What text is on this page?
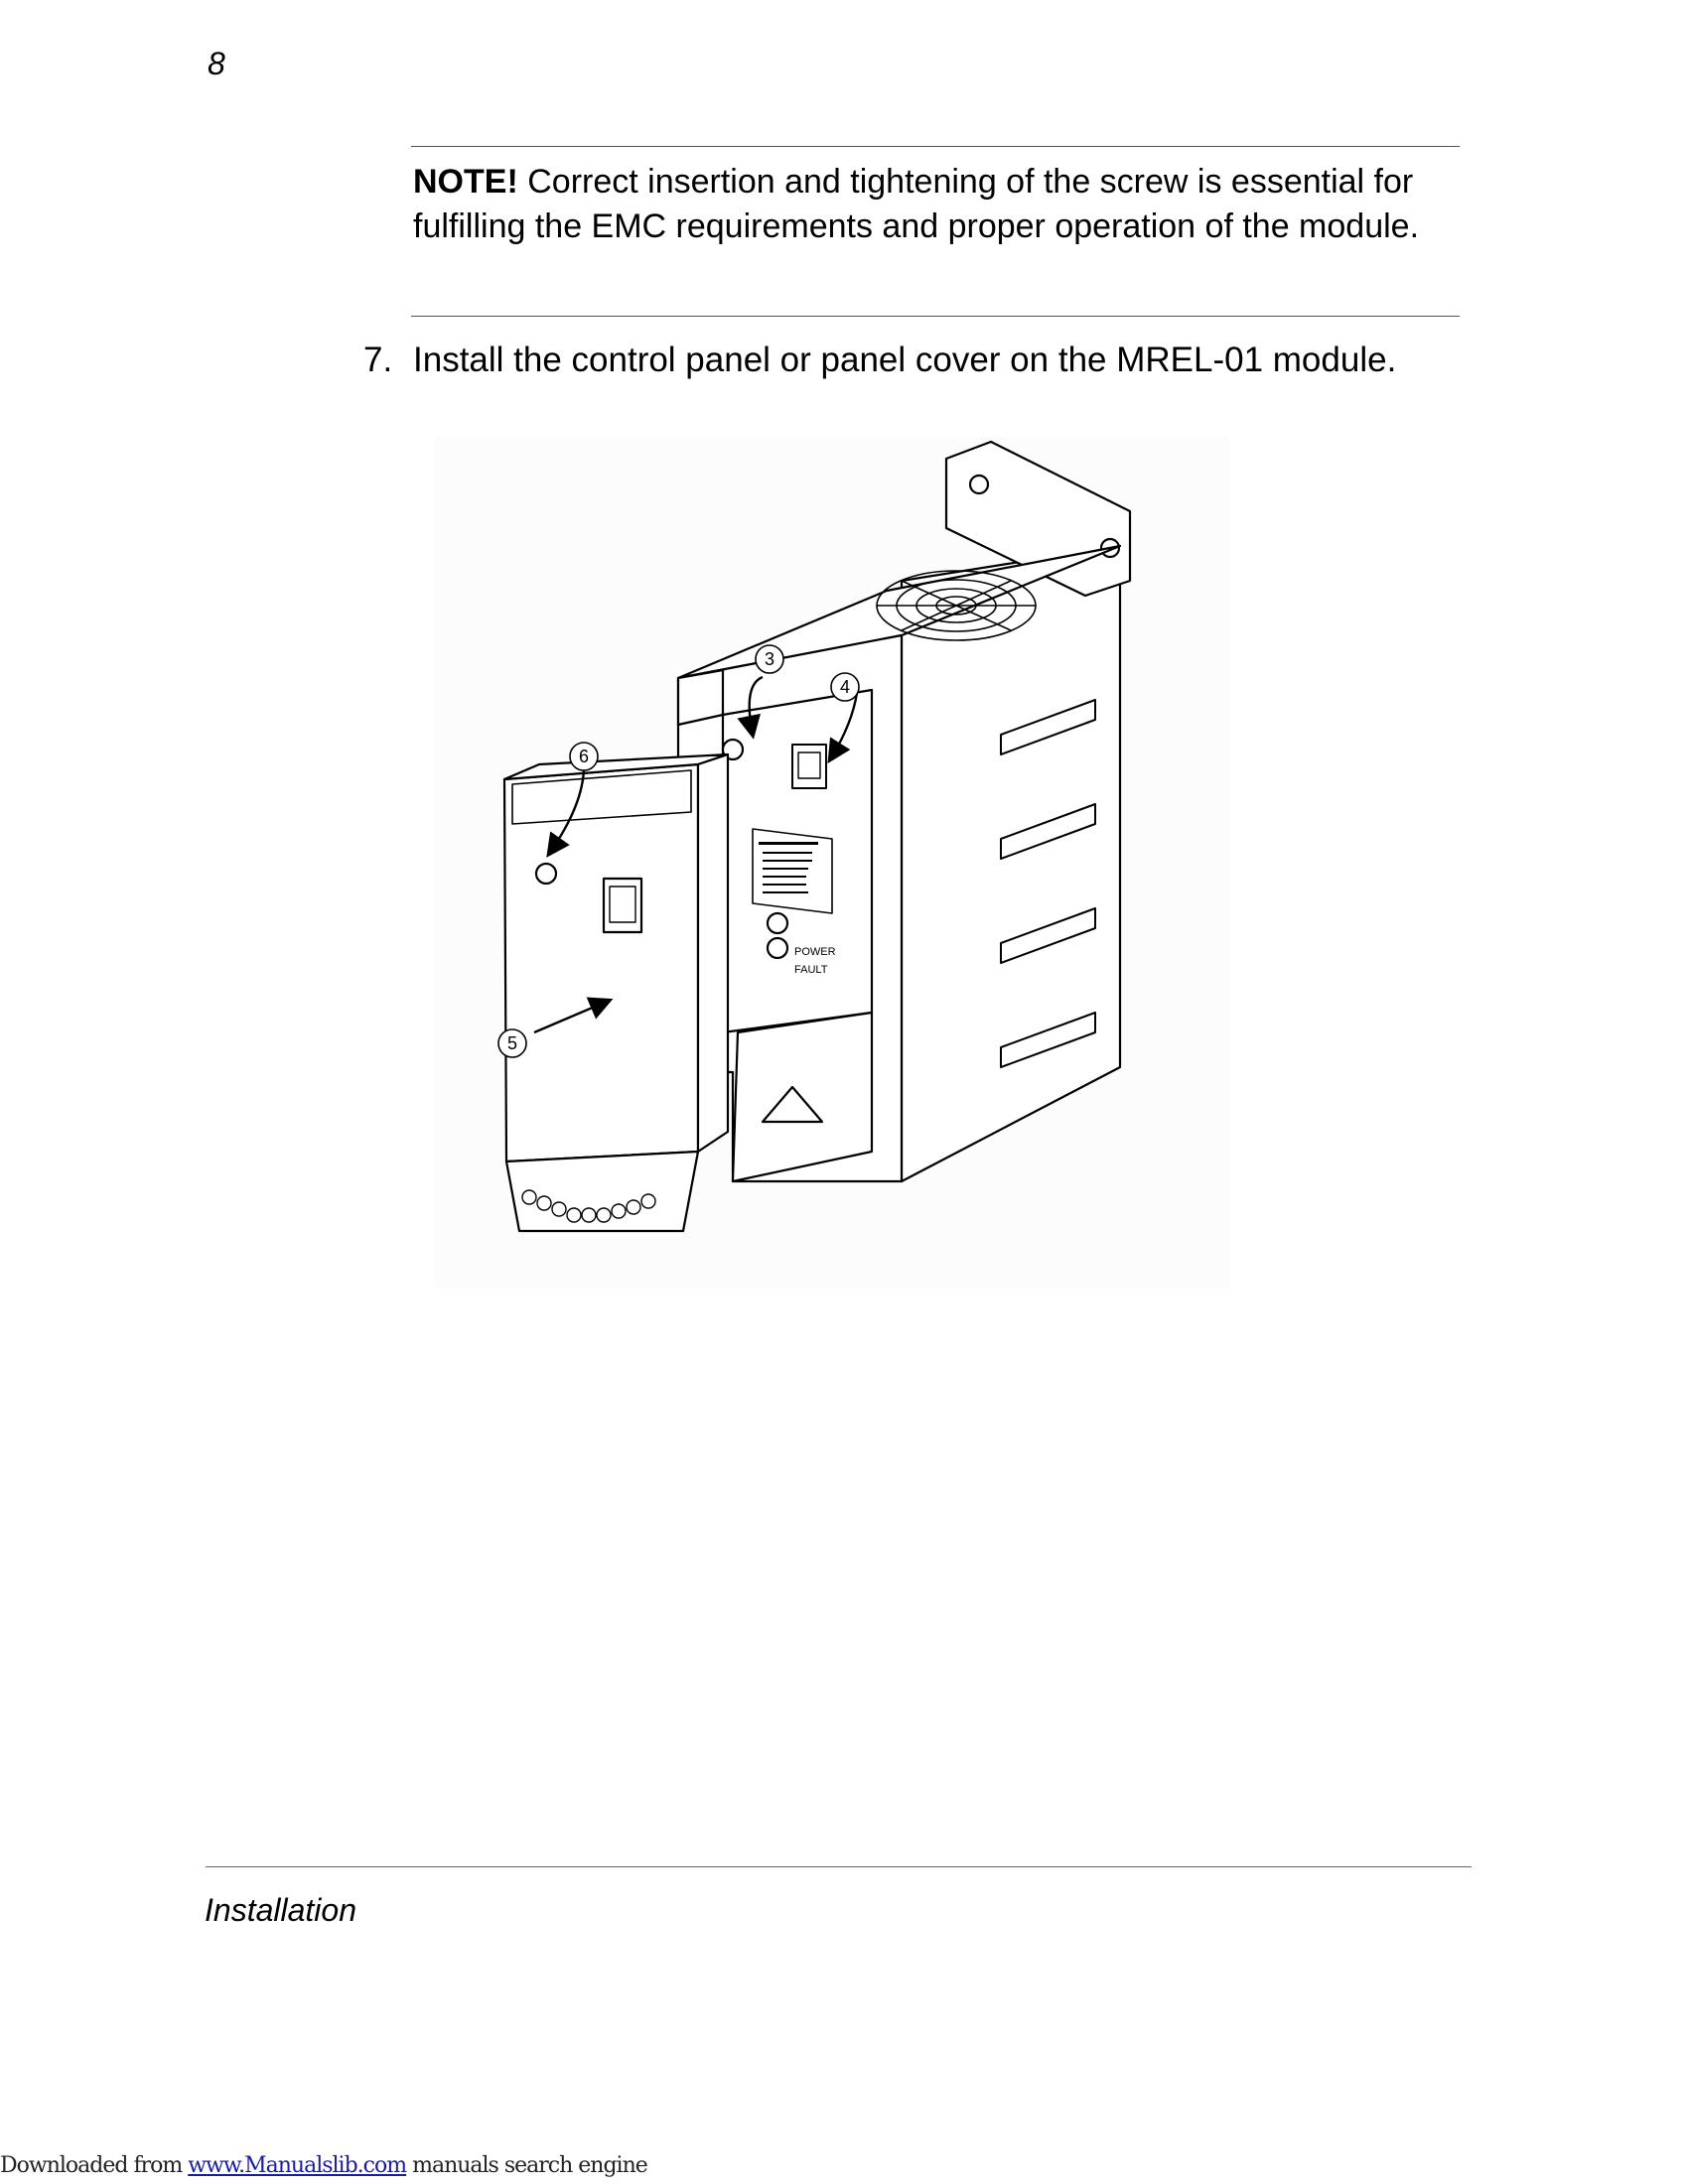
8
NOTE! Correct insertion and tightening of the screw is essential for fulfilling the EMC requirements and proper operation of the module.
7. Install the control panel or panel cover on the MREL-01 module.
POWER
FAULT
3
4
6
5
Installation
Downloaded from www.Manualslib.com manuals search engine
